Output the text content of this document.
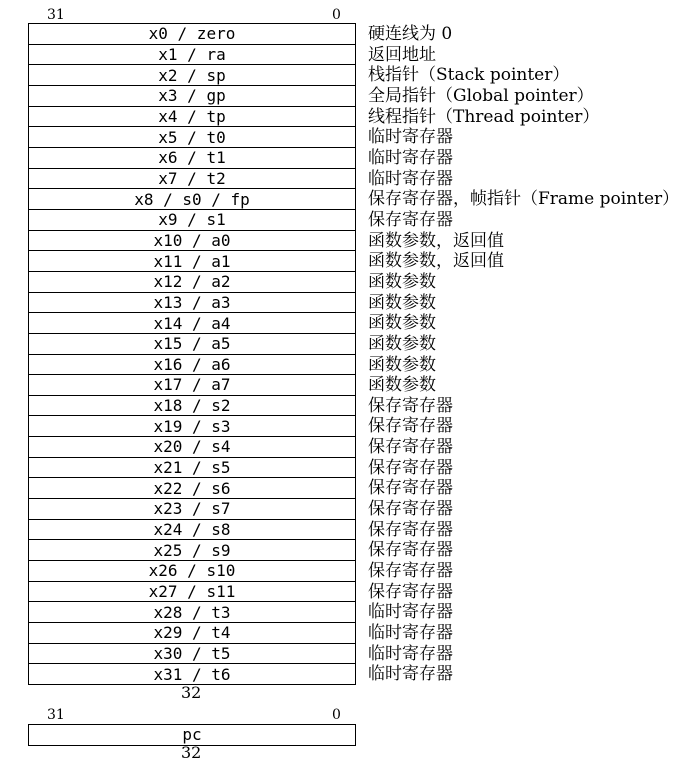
31	0
x0 / zero
x1 / ra
x2 / sp
x3 / gp
x4 / tp
x5 / t0
x6 / t1
x7 / t2
x8 / s0 / fp
x9 / s1
x10 / a0
x11 / a1
x12 / a2
x13 / a3
x14 / a4
x15 / a5
x16 / a6
x17 / a7
x18 / s2
x19 / s3
x20 / s4
x21 / s5
x22 / s6
x23 / s7
x24 / s8
x25 / s9
x26 / s10
x27 / s11
x28 / t3
x29 / t4
x30 / t5
x31 / t6
硬连线为 0
返回地址
栈指针（Stack pointer）
全局指针（Global pointer）
线程指针（Thread pointer）
临时寄存器
临时寄存器
临时寄存器
保存寄存器，帧指针（Frame pointer）
保存寄存器
函数参数，返回值
函数参数，返回值
函数参数
函数参数
函数参数
函数参数
函数参数
函数参数
保存寄存器
保存寄存器
保存寄存器
保存寄存器
保存寄存器
保存寄存器
保存寄存器
保存寄存器
保存寄存器
保存寄存器
临时寄存器
临时寄存器
临时寄存器
临时寄存器
32
31	0
pc
32
